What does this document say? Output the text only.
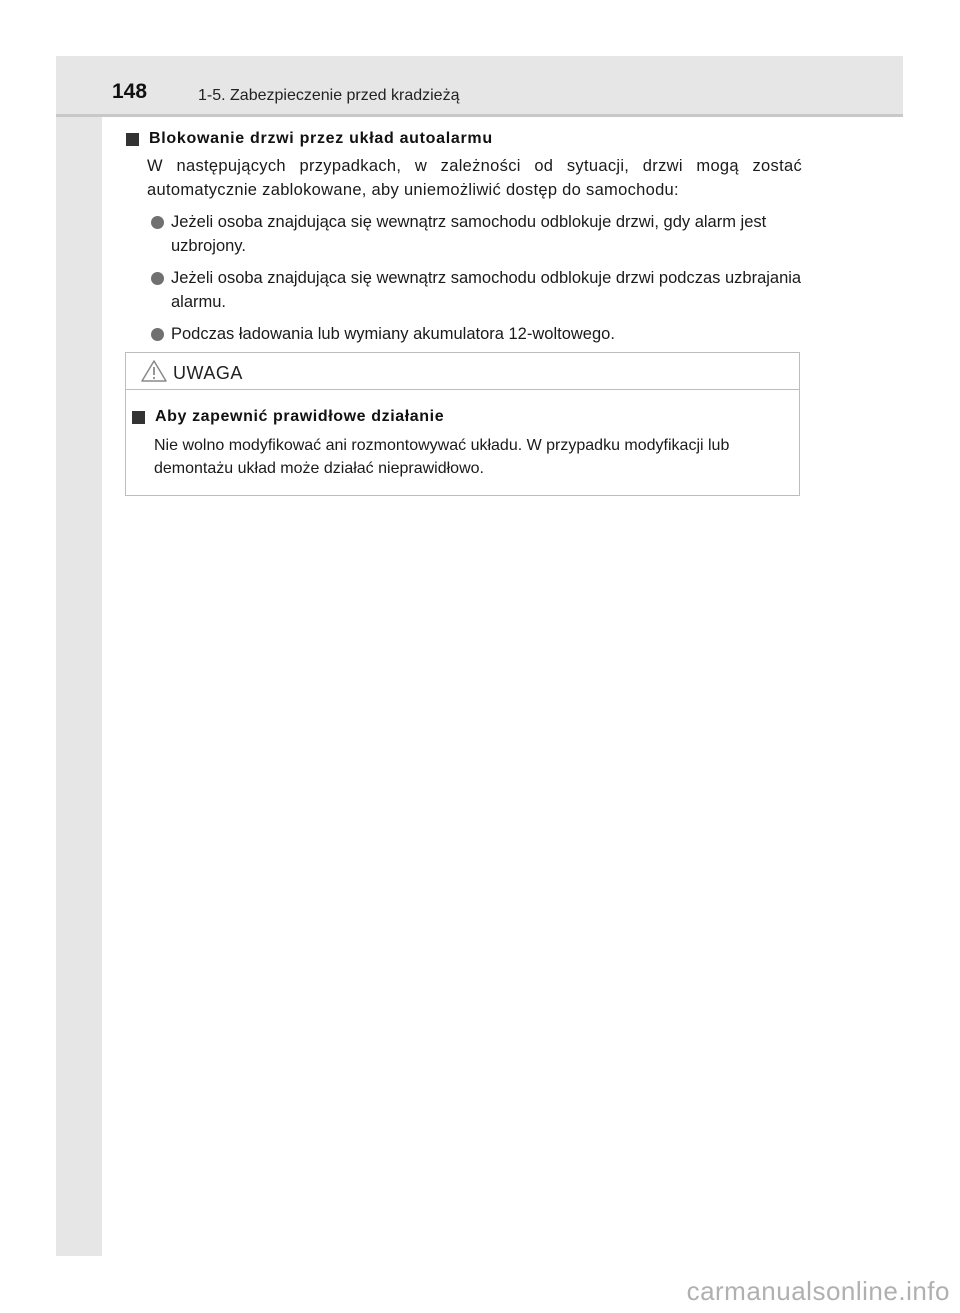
148	1-5. Zabezpieczenie przed kradzieżą
Blokowanie drzwi przez układ autoalarmu

W następujących przypadkach, w zależności od sytuacji, drzwi mogą zostać automatycznie zablokowane, aby uniemożliwić dostęp do samochodu:

Jeżeli osoba znajdująca się wewnątrz samochodu odblokuje drzwi, gdy alarm jest uzbrojony.
Jeżeli osoba znajdująca się wewnątrz samochodu odblokuje drzwi podczas uzbrajania alarmu.
Podczas ładowania lub wymiany akumulatora 12-woltowego.
UWAGA
Aby zapewnić prawidłowe działanie

Nie wolno modyfikować ani rozmontowywać układu. W przypadku modyfikacji lub demontażu układ może działać nieprawidłowo.

carmanualsonline.info
